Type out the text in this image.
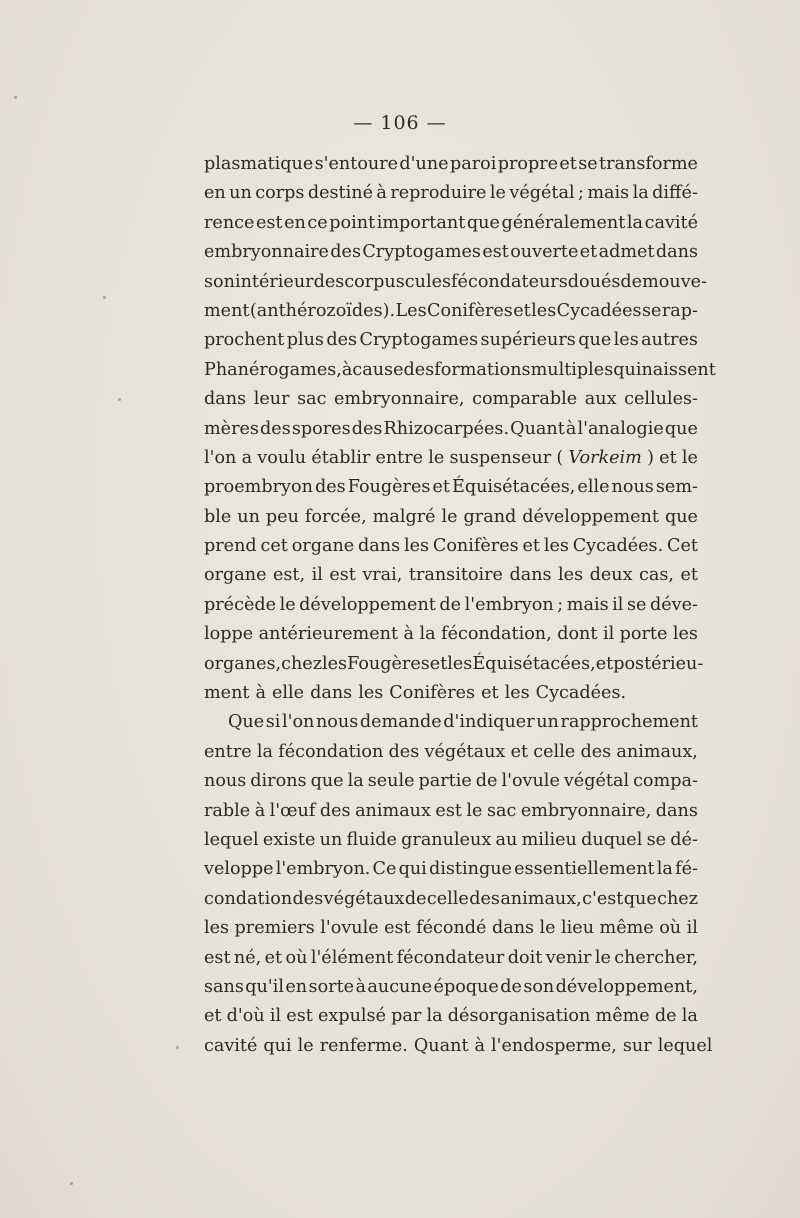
— 106 —
plasmatique s'entoure d'une paroi propre et se transforme
en un corps destiné à reproduire le végétal ; mais la diffé-
rence est en ce point important que généralement la cavité
embryonnaire des Cryptogames est ouverte et admet dans
son intérieur des corpuscules fécondateurs doués de mouve-
ment (anthérozoïdes). Les Conifères et les Cycadées se rap-
prochent plus des Cryptogames supérieurs que les autres
Phanérogames, à cause des formations multiples qui naissent
dans leur sac embryonnaire, comparable aux cellules-
mères des spores des Rhizocarpées. Quant à l'analogie que
l'on a voulu établir entre le suspenseur ( Vorkeim ) et le
proembryon des Fougères et Équisétacées, elle nous sem-
ble un peu forcée, malgré le grand développement que
prend cet organe dans les Conifères et les Cycadées. Cet
organe est, il est vrai, transitoire dans les deux cas, et
précède le développement de l'embryon ; mais il se déve-
loppe antérieurement à la fécondation, dont il porte les
organes, chez les Fougères et les Équisétacées, et postérieu-
ment à elle dans les Conifères et les Cycadées.
Que si l'on nous demande d'indiquer un rapprochement
entre la fécondation des végétaux et celle des animaux,
nous dirons que la seule partie de l'ovule végétal compa-
rable à l'œuf des animaux est le sac embryonnaire, dans
lequel existe un fluide granuleux au milieu duquel se dé-
veloppe l'embryon. Ce qui distingue essentiellement la fé-
condation des végétaux de celle des animaux, c'est que chez
les premiers l'ovule est fécondé dans le lieu même où il
est né, et où l'élément fécondateur doit venir le chercher,
sans qu'il en sorte à aucune époque de son développement,
et d'où il est expulsé par la désorganisation même de la
cavité qui le renferme. Quant à l'endosperme, sur lequel
